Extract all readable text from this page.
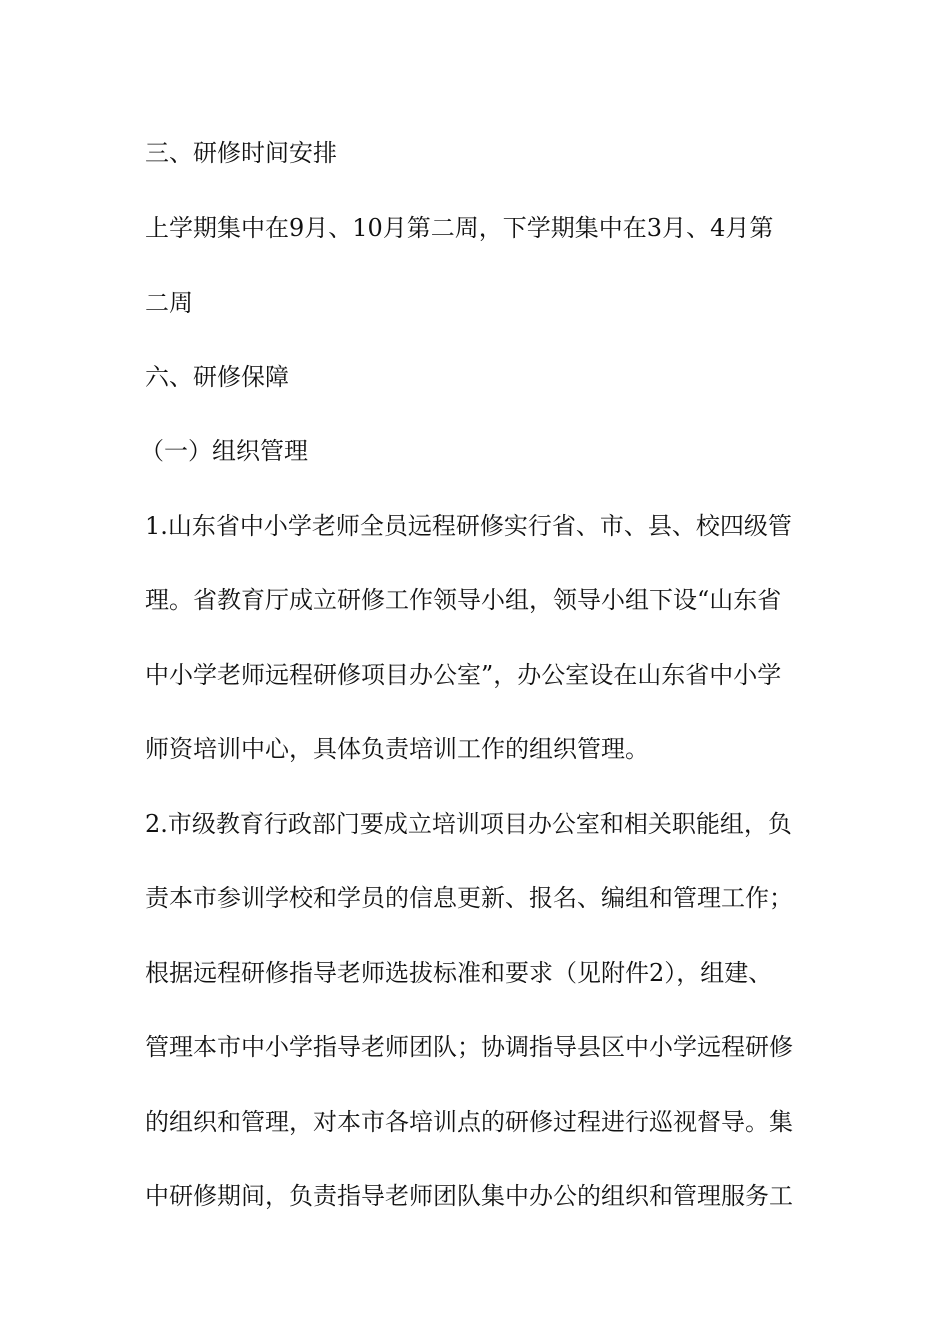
三、研修时间安排
上学期集中在9月、10月第二周，下学期集中在3月、4月第
二周
六、研修保障
（一）组织管理
1.山东省中小学老师全员远程研修实行省、市、县、校四级管
理。省教育厅成立研修工作领导小组，领导小组下设“山东省
中小学老师远程研修项目办公室”，办公室设在山东省中小学
师资培训中心，具体负责培训工作的组织管理。
2.市级教育行政部门要成立培训项目办公室和相关职能组，负
责本市参训学校和学员的信息更新、报名、编组和管理工作；
根据远程研修指导老师选拔标准和要求（见附件2），组建、
管理本市中小学指导老师团队；协调指导县区中小学远程研修
的组织和管理，对本市各培训点的研修过程进行巡视督导。集
中研修期间，负责指导老师团队集中办公的组织和管理服务工
